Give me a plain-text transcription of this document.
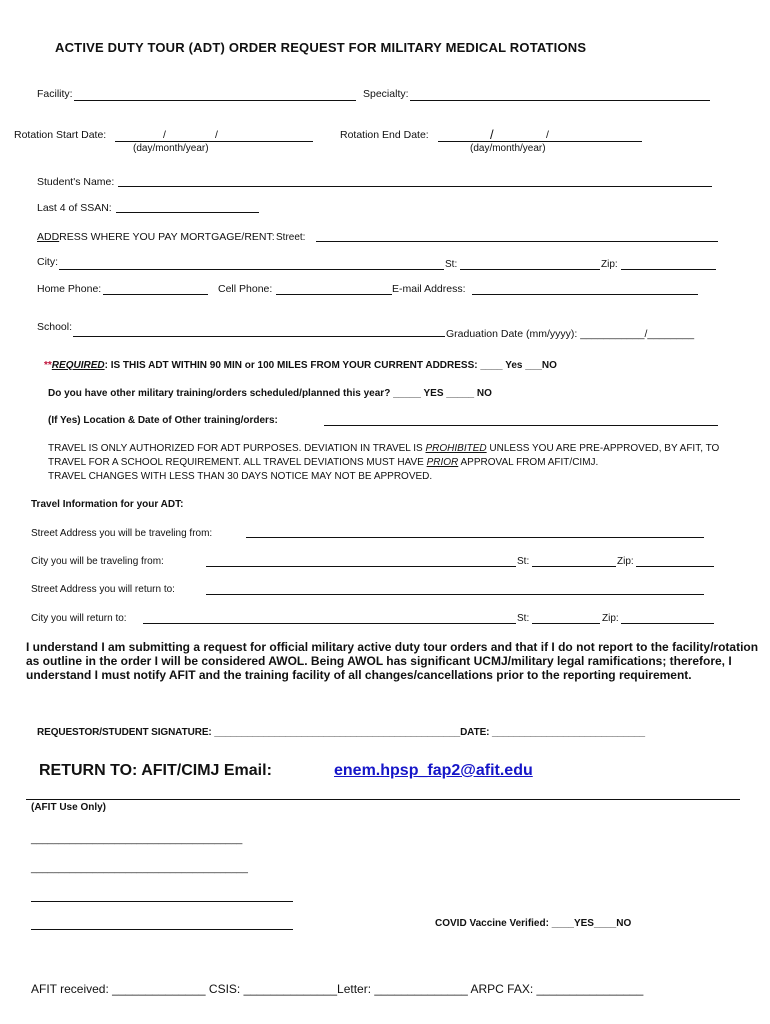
ACTIVE DUTY TOUR (ADT) ORDER REQUEST FOR MILITARY MEDICAL ROTATIONS
Facility:	Specialty:
Rotation Start Date:	/	/
(day/month/year)
Rotation End Date:	/	/
(day/month/year)
Student's Name:
Last 4 of SSAN:
ADDRESS WHERE YOU PAY MORTGAGE/RENT: Street:
City:	St:	Zip:
Home Phone:	Cell Phone:	E-mail Address:
School:
Graduation Date (mm/yyyy): ___________/________
**REQUIRED: IS THIS ADT WITHIN 90 MIN or 100 MILES FROM YOUR CURRENT ADDRESS: ____ Yes ___NO
Do you have other military training/orders scheduled/planned this year? _____ YES _____ NO
(If Yes) Location & Date of Other training/orders:
TRAVEL IS ONLY AUTHORIZED FOR ADT PURPOSES. DEVIATION IN TRAVEL IS PROHIBITED UNLESS YOU ARE PRE-APPROVED, BY AFIT, TO
TRAVEL FOR A SCHOOL REQUIREMENT. ALL TRAVEL DEVIATIONS MUST HAVE PRIOR APPROVAL FROM AFIT/CIMJ.
TRAVEL CHANGES WITH LESS THAN 30 DAYS NOTICE MAY NOT BE APPROVED.
Travel Information for your ADT:
Street Address you will be traveling from:
City you will be traveling from:	St:	Zip:
Street Address you will return to:
City you will return to:	St:	Zip:
I understand I am submitting a request for official military active duty tour orders and that if I do not report to the facility/rotation as outline in the order I will be considered AWOL. Being AWOL has significant UCMJ/military legal ramifications; therefore, I understand I must notify AFIT and the training facility of all changes/cancellations prior to the reporting requirement.
REQUESTOR/STUDENT SIGNATURE: _____________________________________________DATE: ____________________________
RETURN TO: AFIT/CIMJ Email:	enem.hpsp_fap2@afit.edu
(AFIT Use Only)
______________________________________
_______________________________________
COVID Vaccine Verified: ____YES____NO
AFIT received: ______________ CSIS: ______________Letter: ______________ ARPC FAX: ________________
